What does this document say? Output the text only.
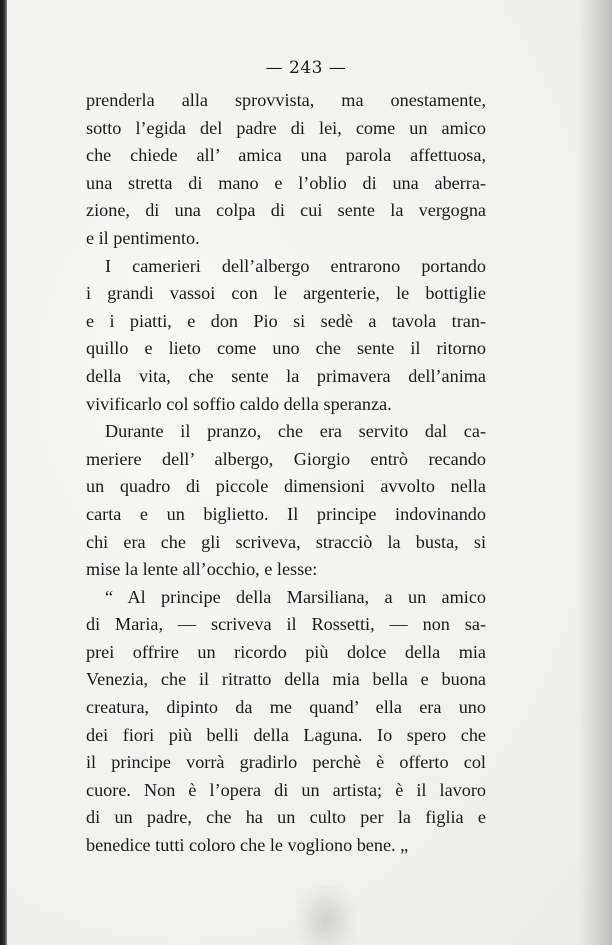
— 243 —
prenderla alla sprovvista, ma onestamente,
sotto l’egida del padre di lei, come un amico
che chiede all’ amica una parola affettuosa,
una stretta di mano e l’oblio di una aberra-
zione, di una colpa di cui sente la vergogna
e il pentimento.
I camerieri dell’albergo entrarono portando
i grandi vassoi con le argenterie, le bottiglie
e i piatti, e don Pio si sedè a tavola tran-
quillo e lieto come uno che sente il ritorno
della vita, che sente la primavera dell’anima
vivificarlo col soffio caldo della speranza.
Durante il pranzo, che era servito dal ca-
meriere dell’ albergo, Giorgio entrò recando
un quadro di piccole dimensioni avvolto nella
carta e un biglietto. Il principe indovinando
chi era che gli scriveva, stracciò la busta, si
mise la lente all’occhio, e lesse:
“ Al principe della Marsiliana, a un amico
di Maria, — scriveva il Rossetti, — non sa-
prei offrire un ricordo più dolce della mia
Venezia, che il ritratto della mia bella e buona
creatura, dipinto da me quand’ ella era uno
dei fiori più belli della Laguna. Io spero che
il principe vorrà gradirlo perchè è offerto col
cuore. Non è l’opera di un artista; è il lavoro
di un padre, che ha un culto per la figlia e
benedice tutti coloro che le vogliono bene. „
